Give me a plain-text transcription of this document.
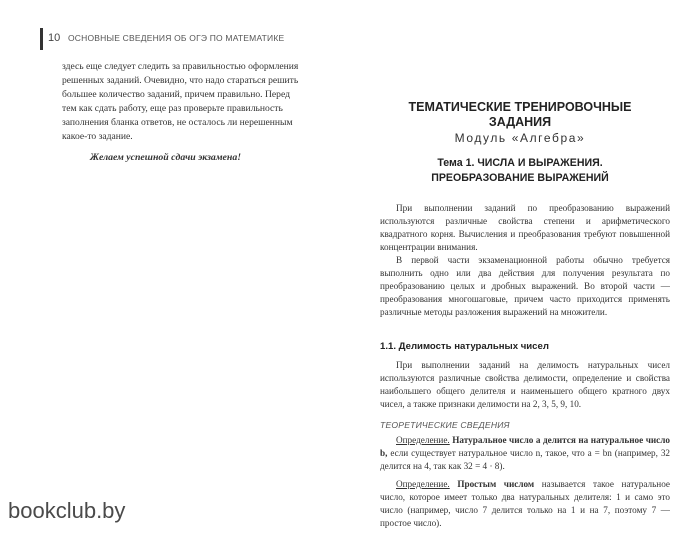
10 ОСНОВНЫЕ СВЕДЕНИЯ ОБ ОГЭ ПО МАТЕМАТИКЕ

здесь еще следует следить за правильностью оформления

решенных заданий. Очевидно, что надо стараться решить

большее количество заданий, причем правильно. Перед

тем как сдать работу, еще раз проверьте правильность

заполнения бланка ответов, не осталось ли нерешенным

какое-то задание.

Желаем успешной сдачи экзамена!
ТЕМАТИЧЕСКИЕ ТРЕНИРОВОЧНЫЕ
ЗАДАНИЯ
Модуль «Алгебра»
Тема 1. ЧИСЛА И ВЫРАЖЕНИЯ.
ПРЕОБРАЗОВАНИЕ ВЫРАЖЕНИЙ
При выполнении заданий по преобразованию выражений используются различные свойства степени и арифметического квадратного корня. Вычисления и преобразования требуют повышенной концентрации внимания.
В первой части экзаменационной работы обычно требуется выполнить одно или два действия для получения результата по преобразованию целых и дробных выражений. Во второй части — преобразования многошаговые, причем часто приходится применять различные методы разложения выражений на множители.
1.1. Делимость натуральных чисел
При выполнении заданий на делимость натуральных чисел используются различные свойства делимости, определение и свойства наибольшего общего делителя и наименьшего общего кратного двух чисел, а также признаки делимости на 2, 3, 5, 9, 10.
ТЕОРЕТИЧЕСКИЕ СВЕДЕНИЯ
Определение. Натуральное число a делится на натуральное число b, если существует натуральное число n, такое, что a = bn (например, 32 делится на 4, так как 32 = 4 · 8).
Определение. Простым числом называется такое натуральное число, которое имеет только два натуральных делителя: 1 и само это число (например, число 7 делится только на 1 и на 7, поэтому 7 — простое число).
bookclub.by
